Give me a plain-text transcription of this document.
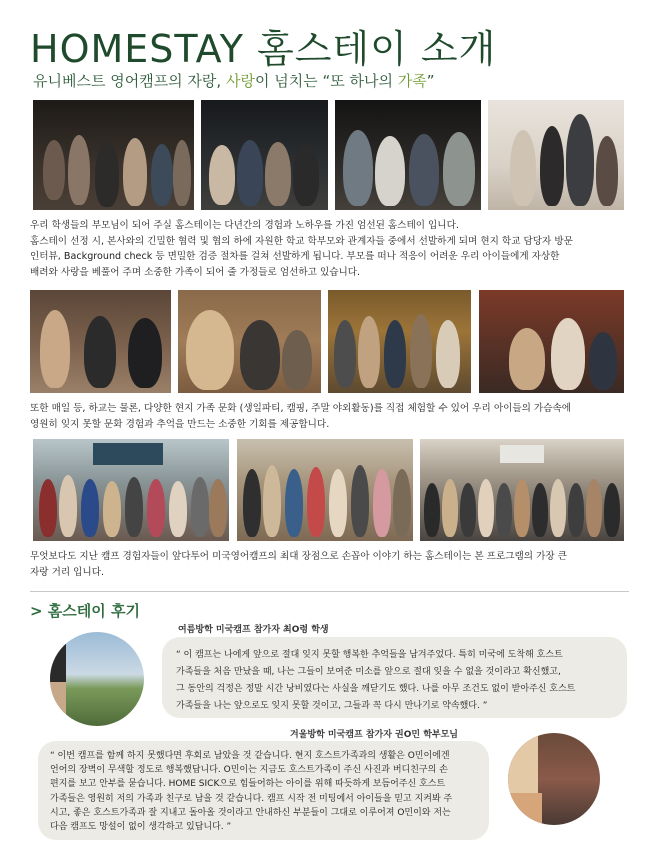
HOMESTAY 홈스테이 소개
유니베스트 영어캠프의 자랑, 사랑이 넘치는 “또 하나의 가족”
우리 학생들의 부모님이 되어 주실 홈스테이는 다년간의 경험과 노하우를 가진 엄선된 홈스테이 입니다.
홈스테이 선정 시, 본사와의 긴밀한 협력 및 협의 하에 자원한 학교 학부모와 관계자들 중에서 선발하게 되며 현지 학교 담당자 방문
인터뷰, Background check 등 면밀한 검증 절차를 걸쳐 선발하게 됩니다. 부모를 떠나 적응이 어려운 우리 아이들에게 자상한
배려와 사랑을 베풀어 주며 소중한 가족이 되어 줄 가정들로 엄선하고 있습니다.
또한 매일 등, 하교는 물론, 다양한 현지 가족 문화 (생일파티, 캠핑, 주말 야외활동)를 직접 체험할 수 있어 우리 아이들의 가슴속에
영원히 잊지 못할 문화 경험과 추억을 만드는 소중한 기회를 제공합니다.
무엇보다도 지난 캠프 경험자들이 앞다투어 미국영어캠프의 최대 장점으로 손꼽아 이야기 하는 홈스테이는 본 프로그램의 가장 큰
자랑 거리 입니다.
> 홈스테이 후기
여름방학 미국캠프 참가자 최O령 학생
“ 이 캠프는 나에게 앞으로 절대 잊지 못할 행복한 추억들을 남겨주었다. 특히 미국에 도착해 호스트
가족들을 처음 만났을 때, 나는 그들이 보여준 미소를 앞으로 절대 잊을 수 없을 것이라고 확신했고,
그 동안의 걱정은 정말 시간 낭비였다는 사실을 깨닫기도 했다. 나를 아무 조건도 없이 받아주신 호스트
가족들을 나는 앞으로도 잊지 못할 것이고, 그들과 꼭 다시 만나기로 약속했다. ”
겨울방학 미국캠프 참가자 권O민 학부모님
“ 이번 캠프를 함께 하지 못했다면 후회로 남았을 것 같습니다. 현지 호스트가족과의 생활은 O민이에겐
언어의 장벽이 무색할 정도로 행복했답니다. O민이는 지금도 호스트가족이 주신 사진과 버디친구의 손
편지를 보고 안부를 묻습니다. HOME SICK으로 힘들어하는 아이를 위해 따듯하게 보듬어주신 호스트
가족들은 영원히 저의 가족과 친구로 남을 것 같습니다. 캠프 시작 전 미팅에서 아이들을 믿고 지켜봐 주
시고, 좋은 호스트가족과 잘 지내고 돌아올 것이라고 안내하신 부분들이 그대로 이루어져 O민이와 저는
다음 캠프도 망설이 없이 생각하고 있답니다. ”
